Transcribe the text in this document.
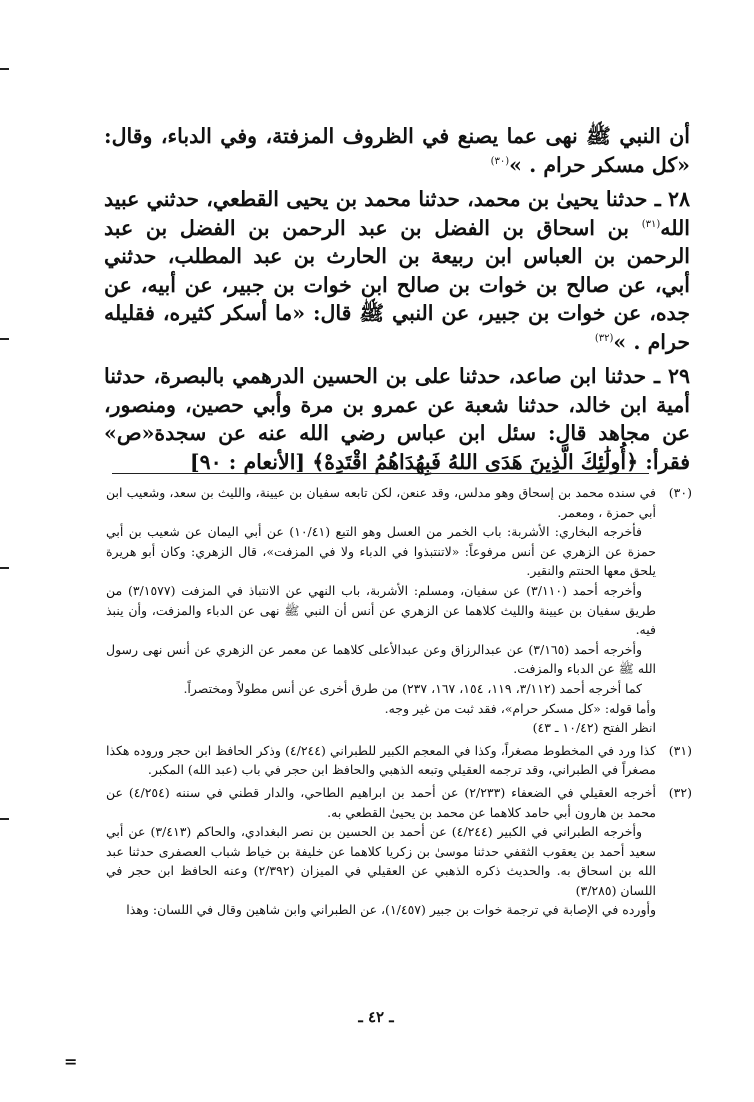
أن النبي ﷺ نهى عما يصنع في الظروف المزفتة، وفي الدباء، وقال: «كل مسكر حرام . »$^{(٣٠)}$

٢٨ ـ حدثنا يحيىٰ بن محمد، حدثنا محمد بن يحيى القطعي، حدثني عبيد الله$^{(٣١)}$ بن اسحاق بن الفضل بن عبد الرحمن بن الفضل بن عبد الرحمن بن العباس ابن ربيعة بن الحارث بن عبد المطلب، حدثني أبي، عن صالح بن خوات بن صالح ابن خوات بن جبير، عن أبيه، عن جده، عن خوات بن جبير، عن النبي ﷺ قال: «ما أسكر كثيره، فقليله حرام . »$^{(٣٢)}$

٢٩ ـ حدثنا ابن صاعد، حدثنا على بن الحسين الدرهمي بالبصرة، حدثنا أمية ابن خالد، حدثنا شعبة عن عمرو بن مرة وأبي حصين، ومنصور، عن مجاهد قال: سئل ابن عباس رضي الله عنه عن سجدة«ص» فقرأ: ﴿أُولَٰئِكَ الَّذِينَ هَدَى اللهُ فَبِهُدَاهُمُ اقْتَدِهْ﴾ [الأنعام : ٩٠]

(٣٠)

في سنده محمد بن إسحاق وهو مدلس، وقد عنعن، لكن تابعه سفيان بن عيينة، والليث بن سعد، وشعيب ابن أبي حمزة ، ومعمر.

فأخرجه البخاري: الأشربة: باب الخمر من العسل وهو التبع (١٠/٤١) عن أبي اليمان عن شعيب بن أبي حمزة عن الزهري عن أنس مرفوعاً: «لاتنتبذوا في الدباء ولا في المزفت»، قال الزهري: وكان أبو هريرة يلحق معها الحنتم والنقير.

وأخرجه أحمد (٣/١١٠) عن سفيان، ومسلم: الأشربة، باب النهي عن الانتباذ في المزفت (٣/١٥٧٧) من طريق سفيان بن عيينة والليث كلاهما عن الزهري عن أنس أن النبي ﷺ نهى عن الدباء والمزفت، وأن ينبذ فيه.

وأخرجه أحمد (٣/١٦٥) عن عبدالرزاق وعن عبدالأعلى كلاهما عن معمر عن الزهري عن أنس نهى رسول الله ﷺ عن الدباء والمزفت.

كما أخرجه أحمد (٣/١١٢، ١١٩، ١٥٤، ١٦٧، ٢٣٧) من طرق أخرى عن أنس مطولاً ومختصراً.

وأما قوله: «كل مسكر حرام»، فقد ثبت من غير وجه.

انظر الفتح (١٠/٤٢ ـ ٤٣)

(٣١)

كذا ورد في المخطوط مصغراً، وكذا في المعجم الكبير للطبراني (٤/٢٤٤) وذكر الحافظ ابن حجر وروده هكذا مصغراً في الطبراني، وقد ترجمه العقيلي وتبعه الذهبي والحافظ ابن حجر في باب (عبد الله) المكبر.

(٣٢)

أخرجه العقيلي في الضعفاء (٢/٢٣٣) عن أحمد بن ابراهيم الطاحي، والدار قطني في سننه (٤/٢٥٤) عن محمد بن هارون أبي حامد كلاهما عن محمد بن يحيىٰ القطعي به.

وأخرجه الطبراني في الكبير (٤/٢٤٤) عن أحمد بن الحسين بن نصر البغدادي، والحاكم (٣/٤١٣) عن أبي سعيد أحمد بن يعقوب الثقفي حدثنا موسىٰ بن زكريا كلاهما عن خليفة بن خياط شباب العصفرى حدثنا عبد الله بن اسحاق به. والحديث ذكره الذهبي عن العقيلي في الميزان (٢/٣٩٢) وعنه الحافظ ابن حجر في اللسان (٣/٢٨٥)

وأورده في الإصابة في ترجمة خوات بن جبير (١/٤٥٧)، عن الطبراني وابن شاهين وقال في اللسان: وهذا

=
ـ ٤٢ ـ
